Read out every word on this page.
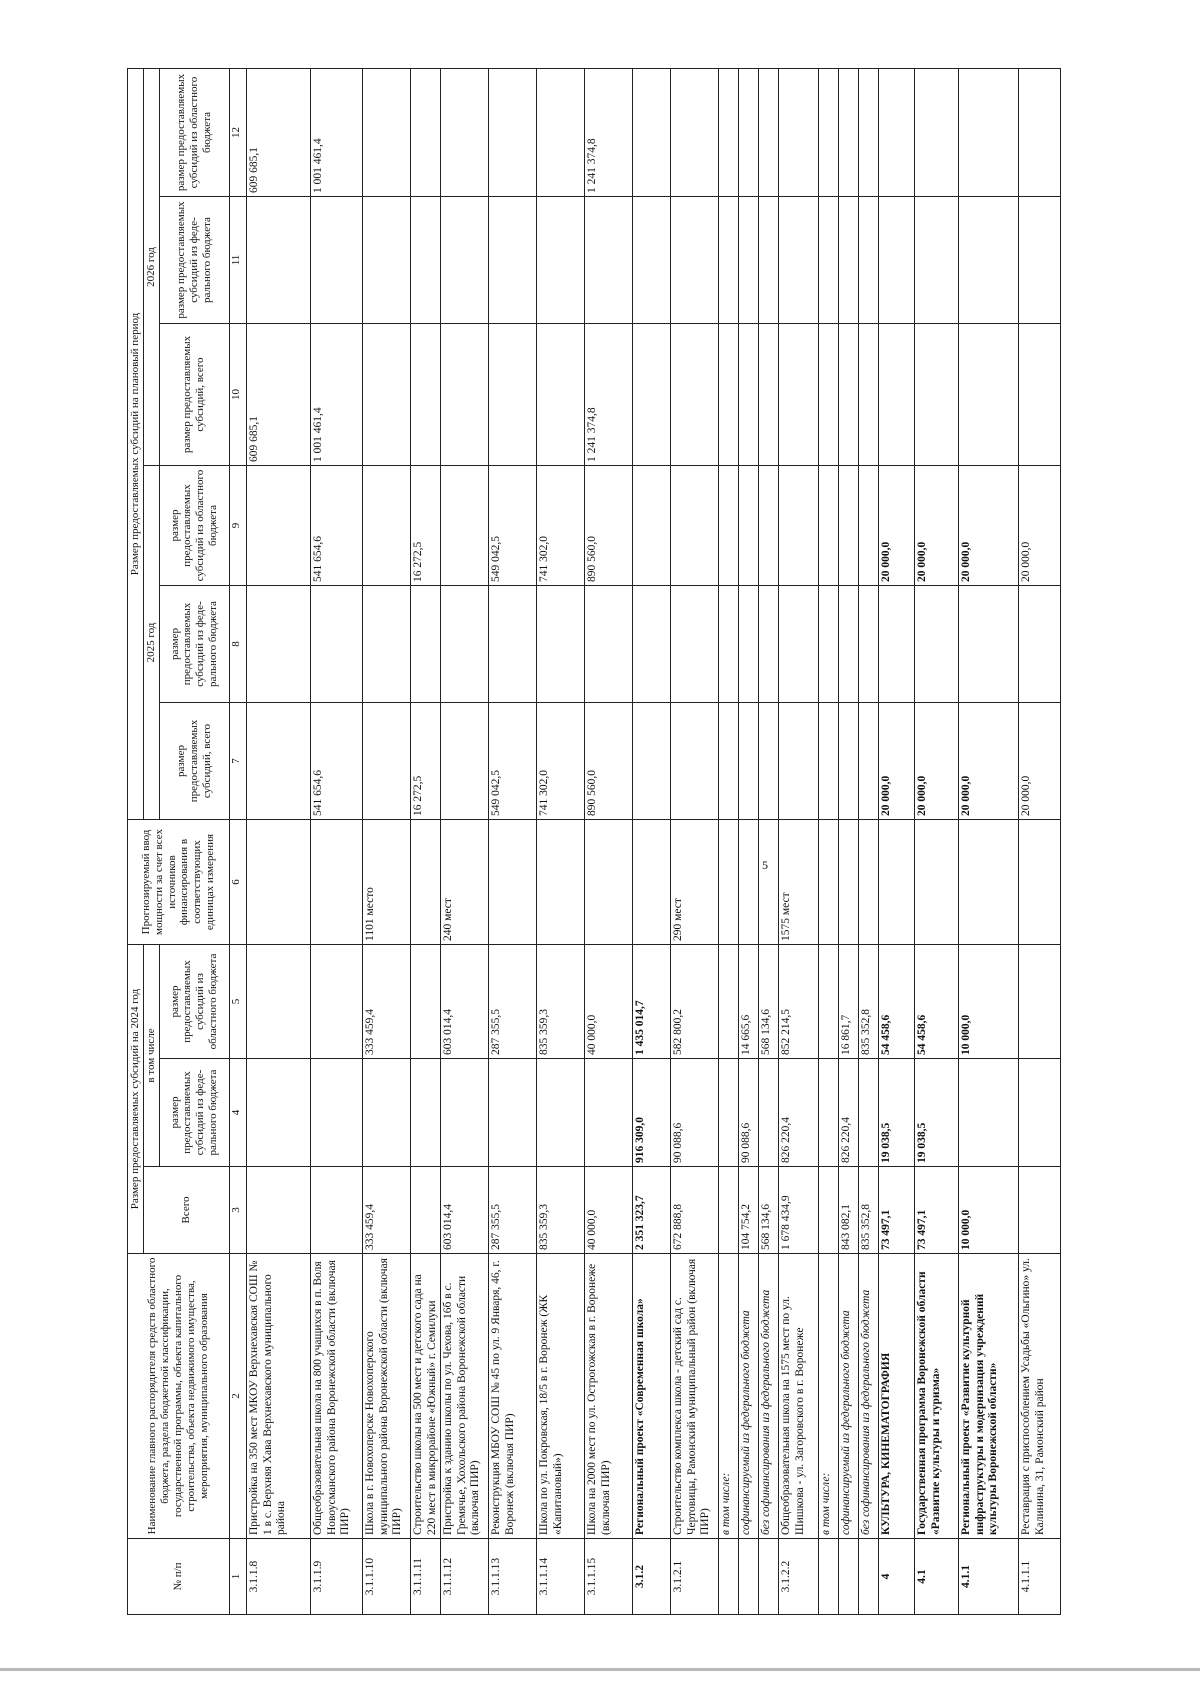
5
№ п/п	Наименование главного распорядителя средств областного бюджета, раздела бюджетной классификации, государственной программы, объекта капитального строительства, объекта недвижимого имущества, мероприятия, муниципального образования	Размер предоставляемых субсидий на 2024 год			Прогнозируемый ввод мощности за счет всех источников финансирования в соответствующих единицах измерения	Размер предоставляемых субсидий на плановый период					
		Всего	в том числе			2025 год			2026 год		
			размер предоставляемых субсидий из феде-рального бюджета	размер предоставляемых субсидий из областного бюджета		размер предоставляемых субсидий, всего	размер предоставляемых субсидий из феде-рального бюджета	размер предоставляемых субсидий из областного бюджета	размер предоставляемых субсидий, всего	размер предоставляемых субсидий из феде-рального бюджета	размер предоставляемых субсидий из областного бюджета

1	2	3	4	5	6	7	8	9	10	11	12
3.1.1.8	Пристройка на 350 мест МКОУ Верхнехавская СОШ № 1 в с. Верхняя Хава Верхнехавского муниципального района								609 685,1		609 685,1
3.1.1.9	Общеобразовательная школа на 800 учащихся в п. Воля Новоусманского района Воронежской области (включая ПИР)					541 654,6		541 654,6	1 001 461,4		1 001 461,4
3.1.1.10	Школа в г. Новохоперске Новохоперского муниципального района Воронежской области (включая ПИР)	333 459,4		333 459,4	1101 место						
3.1.1.11	Строительство школы на 500 мест и детского сада на 220 мест в микрорайоне «Южный» г. Семилуки					16 272,5		16 272,5			
3.1.1.12	Пристройка к зданию школы по ул. Чехова, 16б в с. Гремячье, Хохольского района Воронежской области (включая ПИР)	603 014,4		603 014,4	240 мест						
3.1.1.13	Реконструкция МБОУ СОШ № 45 по ул. 9 Января, 46, г. Воронеж (включая ПИР)	287 355,5		287 355,5		549 042,5		549 042,5			
3.1.1.14	Школа по ул. Покровская, 18/5 в г. Воронеж (ЖК «Капитановый»)	835 359,3		835 359,3		741 302,0		741 302,0			
3.1.1.15	Школа на 2000 мест по ул. Острогожская в г. Воронеже (включая ПИР)	40 000,0		40 000,0		890 560,0		890 560,0	1 241 374,8		1 241 374,8
3.1.2	Региональный проект «Современная школа»	2 351 323,7	916 309,0	1 435 014,7							
3.1.2.1	Строительство комплекса школа - детский сад с. Чертовицы, Рамонский муниципальный район (включая ПИР)	672 888,8	90 088,6	582 800,2	290 мест						
	в том числе:										
	софинансируемый из федерального бюджета	104 754,2	90 088,6	14 665,6							
	без софинансирования из федерального бюджета	568 134,6		568 134,6							
3.1.2.2	Общеобразовательная школа на 1575 мест по ул. Шишкова - ул. Загоровского в г. Воронеже	1 678 434,9	826 220,4	852 214,5	1575 мест						
	в том числе:										
	софинансируемый из федерального бюджета	843 082,1	826 220,4	16 861,7							
	без софинансирования из федерального бюджета	835 352,8		835 352,8							
4	КУЛЬТУРА, КИНЕМАТОГРАФИЯ	73 497,1	19 038,5	54 458,6		20 000,0		20 000,0			
4.1	Государственная программа Воронежской области «Развитие культуры и туризма»	73 497,1	19 038,5	54 458,6		20 000,0		20 000,0			
4.1.1	Региональный проект «Развитие культурной инфраструктуры и модернизация учреждений культуры Воронежской области»	10 000,0		10 000,0		20 000,0		20 000,0			
4.1.1.1	Реставрация с приспособлением Усадьбы «Ольгино» ул. Калинина, 31, Рамонский район					20 000,0		20 000,0			
